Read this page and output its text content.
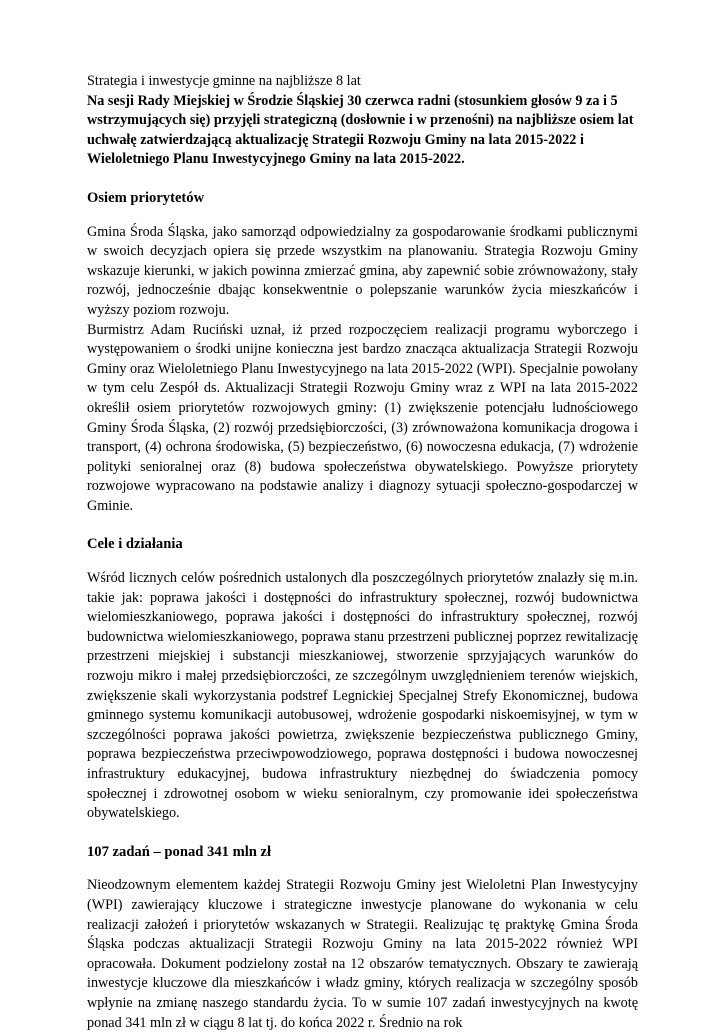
Strategia i inwestycje gminne na najbliższe 8 lat

Na sesji Rady Miejskiej w Środzie Śląskiej 30 czerwca radni (stosunkiem głosów 9 za i 5 wstrzymujących się) przyjęli strategiczną (dosłownie i w przenośni) na najbliższe osiem lat uchwałę zatwierdzającą aktualizację Strategii Rozwoju Gminy na lata 2015-2022 i Wieloletniego Planu Inwestycyjnego Gminy na lata 2015-2022.

Osiem priorytetów

Gmina Środa Śląska, jako samorząd odpowiedzialny za gospodarowanie środkami publicznymi w swoich decyzjach opiera się przede wszystkim na planowaniu. Strategia Rozwoju Gminy wskazuje kierunki, w jakich powinna zmierzać gmina, aby zapewnić sobie zrównoważony, stały rozwój, jednocześnie dbając konsekwentnie o polepszanie warunków życia mieszkańców i wyższy poziom rozwoju.

Burmistrz Adam Ruciński uznał, iż przed rozpoczęciem realizacji programu wyborczego i występowaniem o środki unijne konieczna jest bardzo znacząca aktualizacja Strategii Rozwoju Gminy oraz Wieloletniego Planu Inwestycyjnego na lata 2015-2022 (WPI). Specjalnie powołany w tym celu Zespół ds. Aktualizacji Strategii Rozwoju Gminy wraz z WPI na lata 2015-2022 określił osiem priorytetów rozwojowych gminy: (1) zwiększenie potencjału ludnościowego Gminy Środa Śląska, (2) rozwój przedsiębiorczości, (3) zrównoważona komunikacja drogowa i transport, (4) ochrona środowiska, (5) bezpieczeństwo, (6) nowoczesna edukacja, (7) wdrożenie polityki senioralnej oraz (8) budowa społeczeństwa obywatelskiego. Powyższe priorytety rozwojowe wypracowano na podstawie analizy i diagnozy sytuacji społeczno-gospodarczej w Gminie.

Cele i działania

Wśród licznych celów pośrednich ustalonych dla poszczególnych priorytetów znalazły się m.in. takie jak: poprawa jakości i dostępności do infrastruktury społecznej, rozwój budownictwa wielomieszkaniowego, poprawa jakości i dostępności do infrastruktury społecznej, rozwój budownictwa wielomieszkaniowego, poprawa stanu przestrzeni publicznej poprzez rewitalizację przestrzeni miejskiej i substancji mieszkaniowej, stworzenie sprzyjających warunków do rozwoju mikro i małej przedsiębiorczości, ze szczególnym uwzględnieniem terenów wiejskich, zwiększenie skali wykorzystania podstref Legnickiej Specjalnej Strefy Ekonomicznej, budowa gminnego systemu komunikacji autobusowej, wdrożenie gospodarki niskoemisyjnej, w tym w szczególności poprawa jakości powietrza, zwiększenie bezpieczeństwa publicznego Gminy, poprawa bezpieczeństwa przeciwpowodziowego, poprawa dostępności i budowa nowoczesnej infrastruktury edukacyjnej, budowa infrastruktury niezbędnej do świadczenia pomocy społecznej i zdrowotnej osobom w wieku senioralnym, czy promowanie idei społeczeństwa obywatelskiego.

107 zadań – ponad 341 mln zł

Nieodzownym elementem każdej Strategii Rozwoju Gminy jest Wieloletni Plan Inwestycyjny (WPI) zawierający kluczowe i strategiczne inwestycje planowane do wykonania w celu realizacji założeń i priorytetów wskazanych w Strategii. Realizując tę praktykę Gmina Środa Śląska podczas aktualizacji Strategii Rozwoju Gminy na lata 2015-2022 również WPI opracowała. Dokument podzielony został na 12 obszarów tematycznych. Obszary te zawierają inwestycje kluczowe dla mieszkańców i władz gminy, których realizacja w szczególny sposób wpłynie na zmianę naszego standardu życia. To w sumie 107 zadań inwestycyjnych na kwotę ponad 341 mln zł w ciągu 8 lat tj. do końca 2022 r. Średnio na rok
